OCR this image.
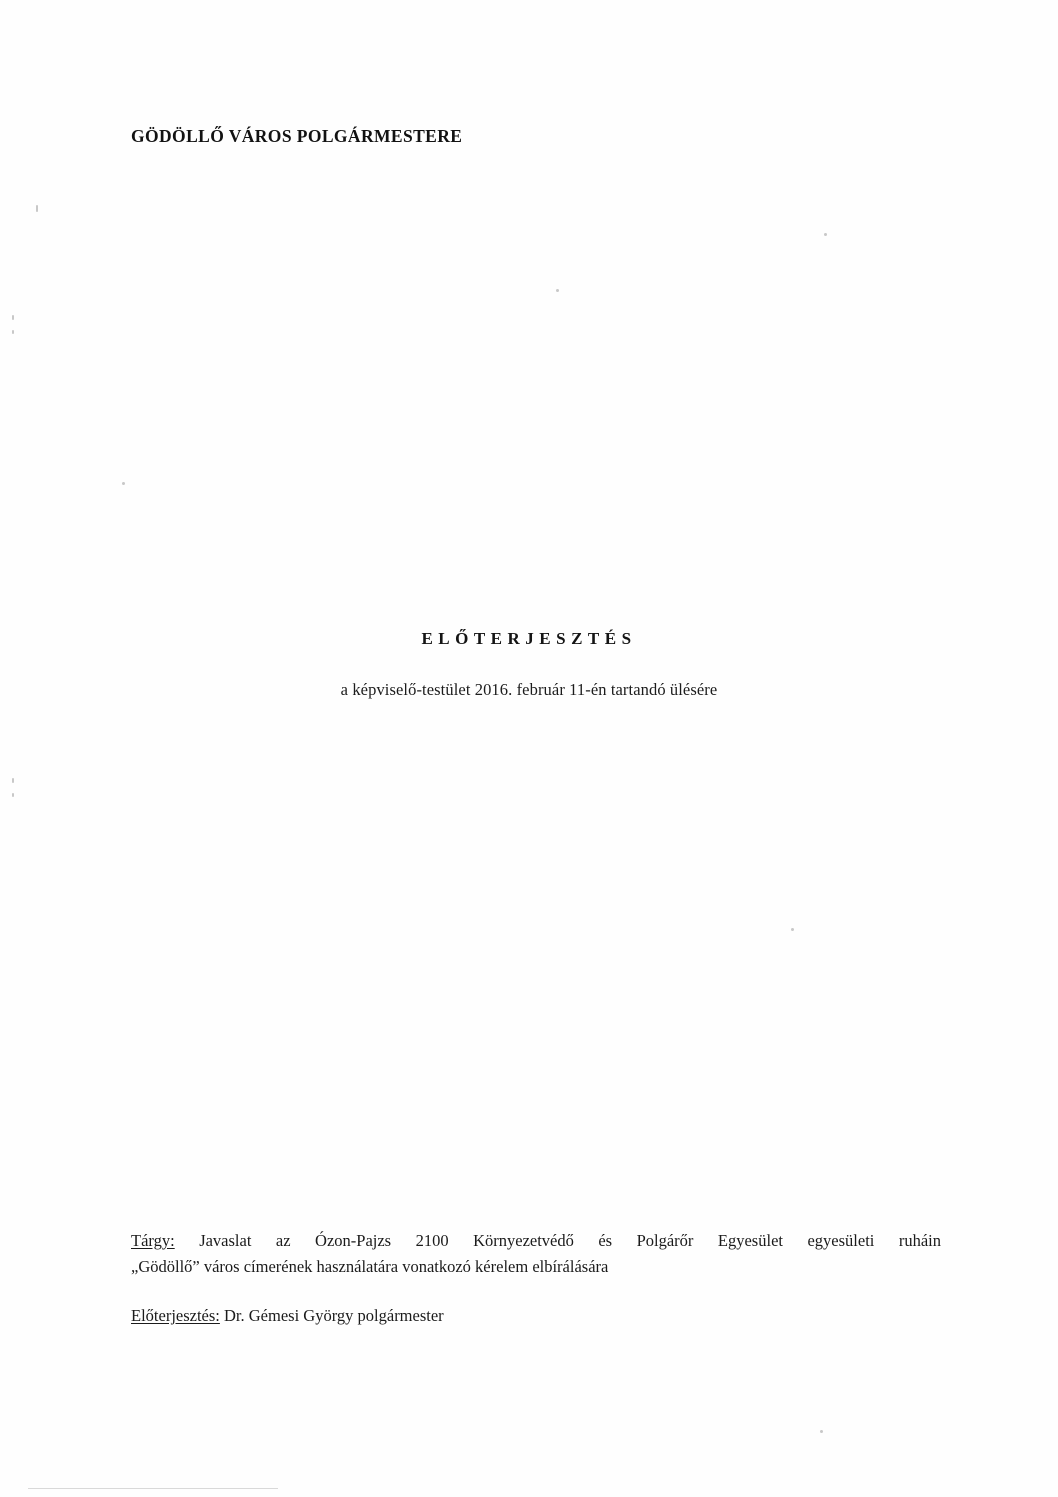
GÖDÖLLŐ VÁROS POLGÁRMESTERE
ELŐTERJESZTÉS
a képviselő-testület 2016. február 11-én tartandó ülésére
Tárgy: Javaslat az Ózon-Pajzs 2100 Környezetvédő és Polgárőr Egyesület egyesületi ruháin
„Gödöllő” város címerének használatára vonatkozó kérelem elbírálására
Előterjesztés: Dr. Gémesi György polgármester
